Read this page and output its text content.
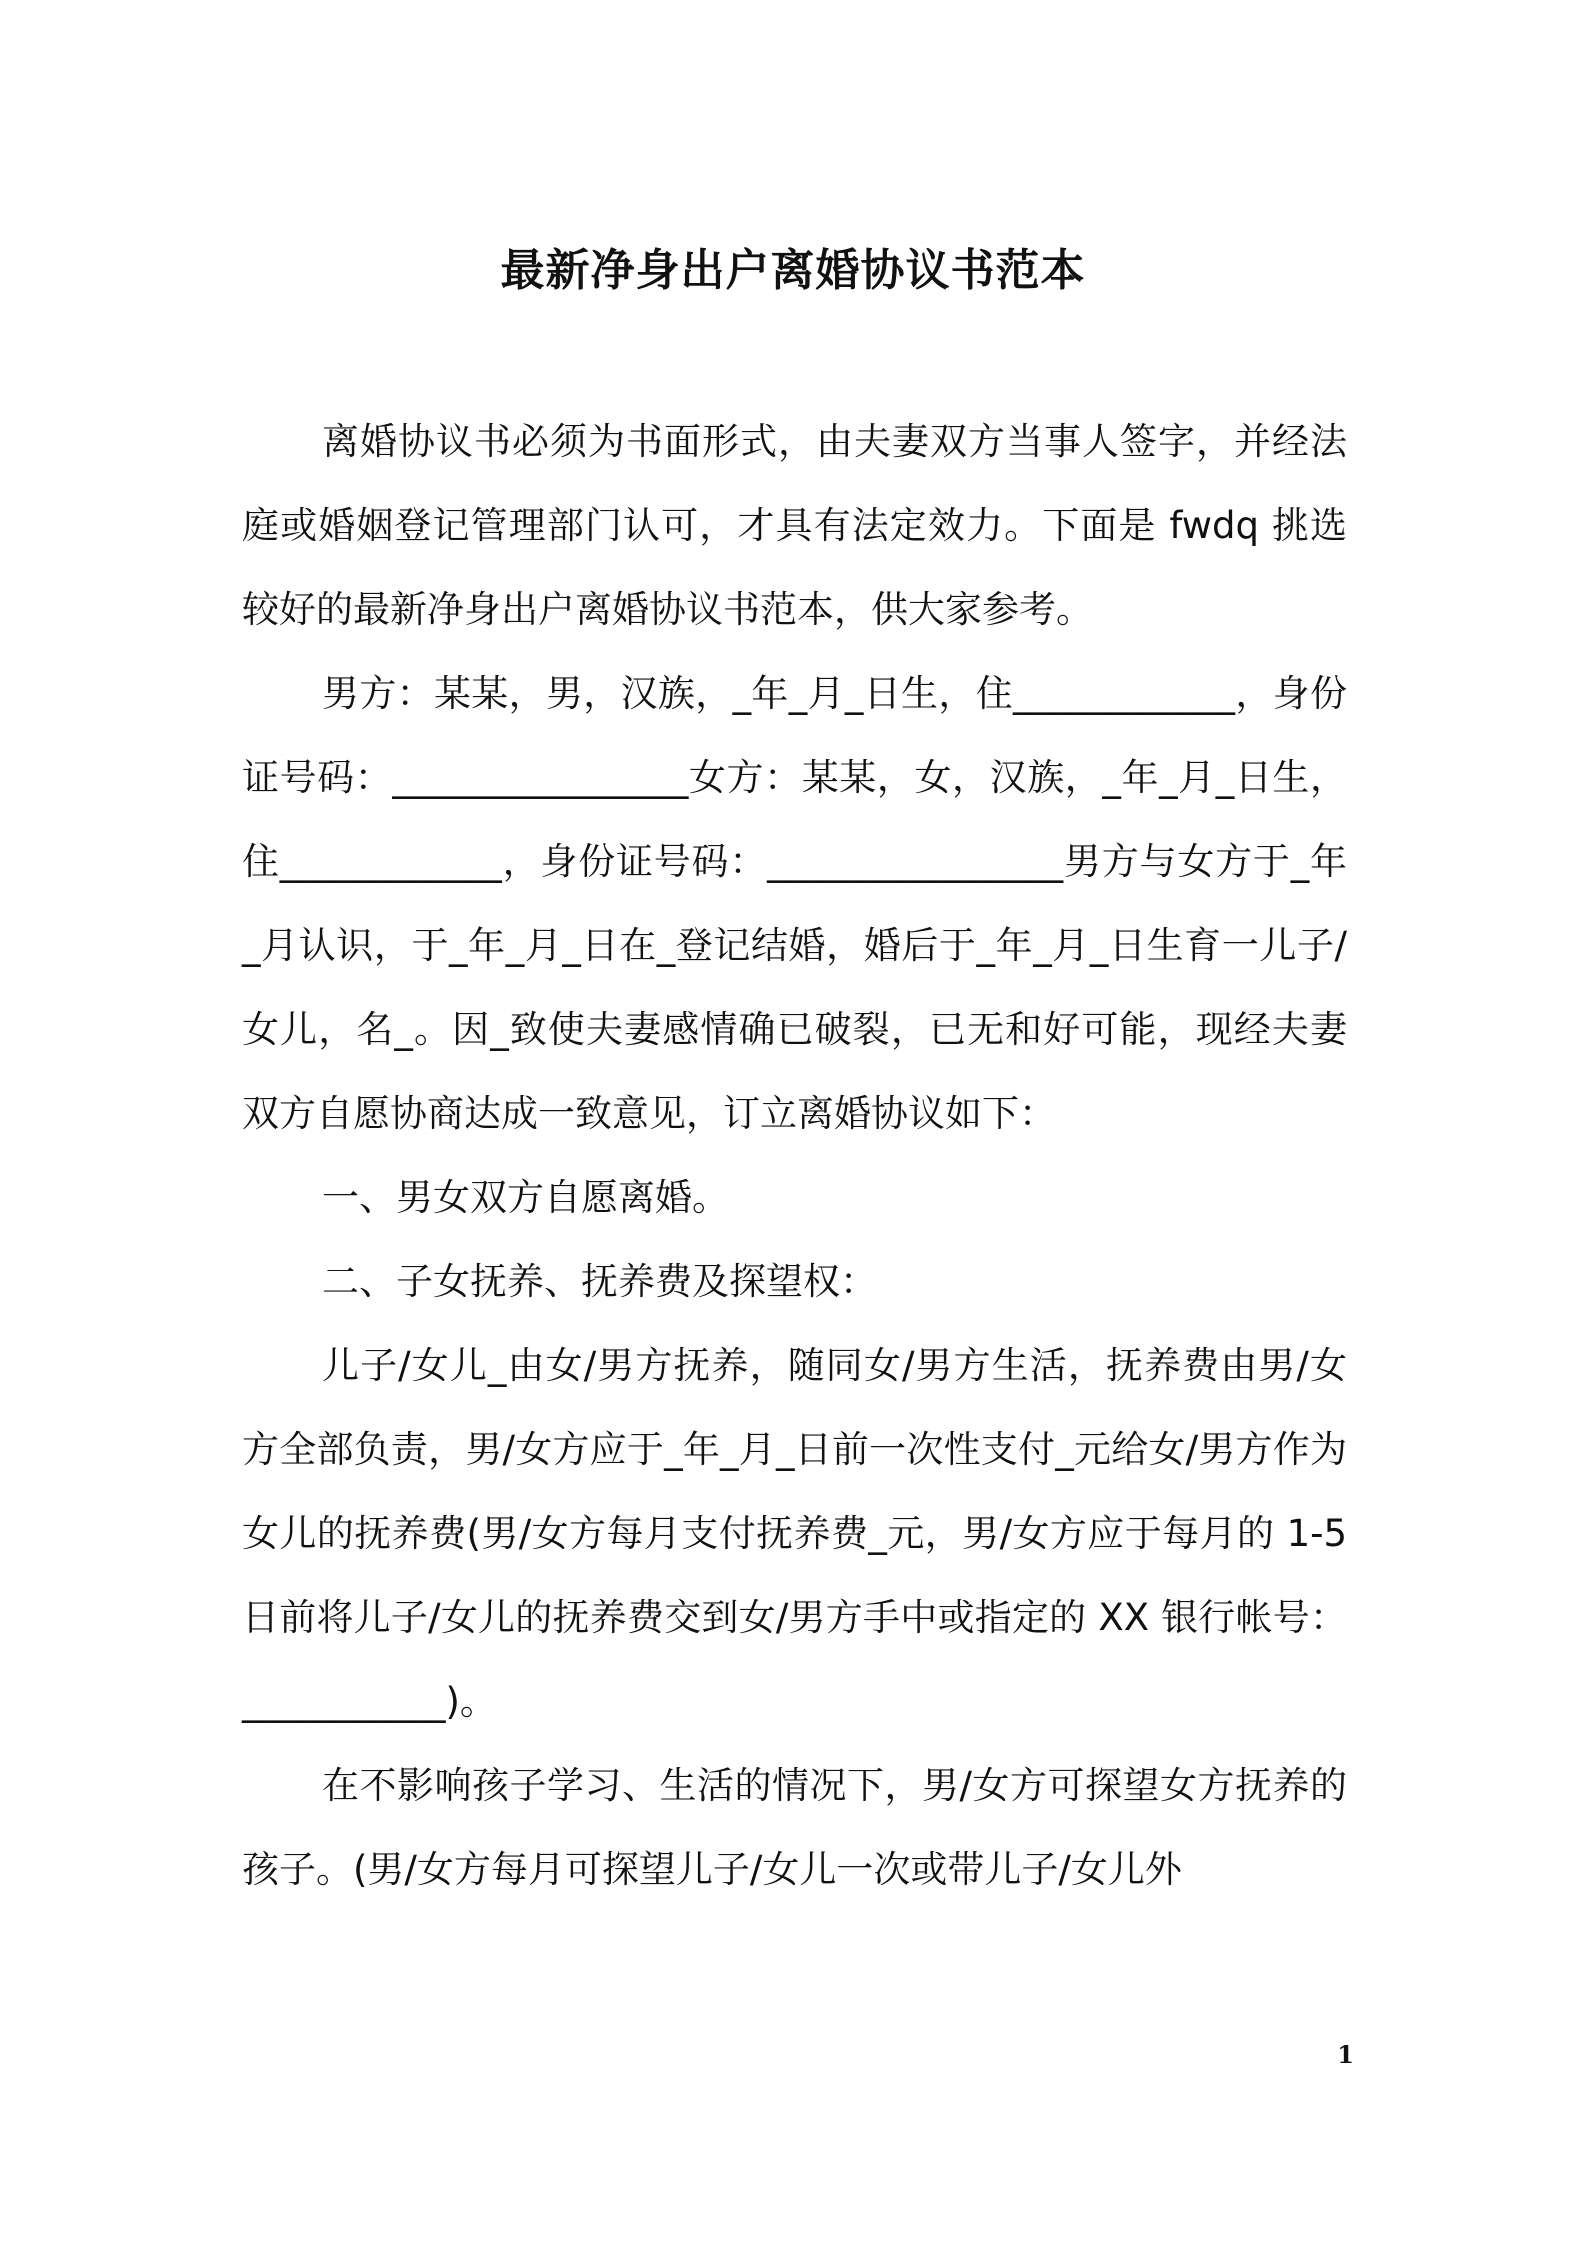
最新净身出户离婚协议书范本

离婚协议书必须为书面形式，由夫妻双方当事人签字，并经法庭或婚姻登记管理部门认可，才具有法定效力。下面是 fwdq 挑选较好的最新净身出户离婚协议书范本，供大家参考。

男方：某某，男，汉族，_年_月_日生，住____________，身份证号码：________________女方：某某，女，汉族，_年_月_日生，住____________，身份证号码：________________男方与女方于_年_月认识，于_年_月_日在_登记结婚，婚后于_年_月_日生育一儿子/女儿，名_。因_致使夫妻感情确已破裂，已无和好可能，现经夫妻双方自愿协商达成一致意见，订立离婚协议如下：

一、男女双方自愿离婚。

二、子女抚养、抚养费及探望权：

儿子/女儿_由女/男方抚养，随同女/男方生活，抚养费由男/女方全部负责，男/女方应于_年_月_日前一次性支付_元给女/男方作为女儿的抚养费(男/女方每月支付抚养费_元，男/女方应于每月的 1-5 日前将儿子/女儿的抚养费交到女/男方手中或指定的 XX 银行帐号：___________)。

在不影响孩子学习、生活的情况下，男/女方可探望女方抚养的孩子。(男/女方每月可探望儿子/女儿一次或带儿子/女儿外

1
